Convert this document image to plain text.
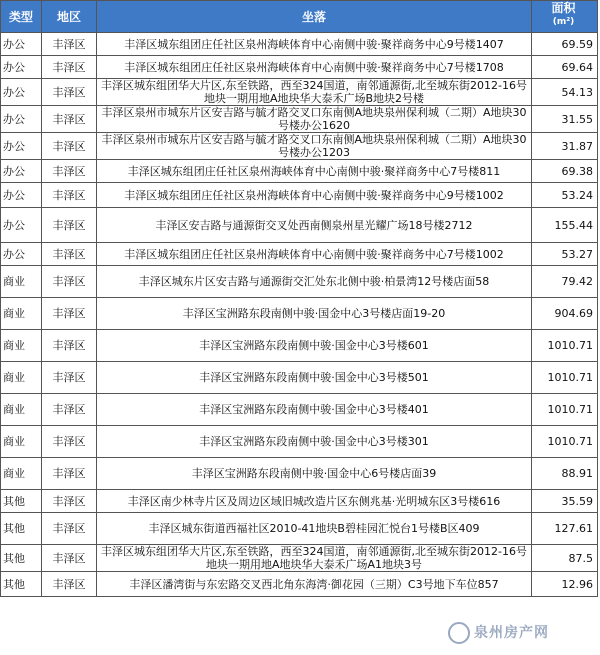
类型	地区	坐落	面积
$^{(m^2)}$
办公	丰泽区	丰泽区城东组团庄任社区泉州海峡体育中心南侧中骏·聚祥商务中心9号楼1407	69.59
办公	丰泽区	丰泽区城东组团庄任社区泉州海峡体育中心南侧中骏·聚祥商务中心7号楼1708	69.64
办公	丰泽区	丰泽区城东组团华大片区,东至铁路，西至324国道，南邻通源街,北至城东街2012-16号地块一期用地A地块华大泰禾广场B地块2号楼	54.13
办公	丰泽区	丰泽区泉州市城东片区安吉路与毓才路交叉口东南侧A地块泉州保利城（二期）A地块30号楼办公1620	31.55
办公	丰泽区	丰泽区泉州市城东片区安吉路与毓才路交叉口东南侧A地块泉州保利城（二期）A地块30号楼办公1203	31.87
办公	丰泽区	丰泽区城东组团庄任社区泉州海峡体育中心南侧中骏·聚祥商务中心7号楼811	69.38
办公	丰泽区	丰泽区城东组团庄任社区泉州海峡体育中心南侧中骏·聚祥商务中心9号楼1002	53.24
办公	丰泽区	丰泽区安吉路与通源街交叉处西南侧泉州星光耀广场18号楼2712	155.44
办公	丰泽区	丰泽区城东组团庄任社区泉州海峡体育中心南侧中骏·聚祥商务中心7号楼1002	53.27
商业	丰泽区	丰泽区城东片区安吉路与通源街交汇处东北侧中骏·柏景湾12号楼店面58	79.42
商业	丰泽区	丰泽区宝洲路东段南侧中骏·国金中心3号楼店面19-20	904.69
商业	丰泽区	丰泽区宝洲路东段南侧中骏·国金中心3号楼601	1010.71
商业	丰泽区	丰泽区宝洲路东段南侧中骏·国金中心3号楼501	1010.71
商业	丰泽区	丰泽区宝洲路东段南侧中骏·国金中心3号楼401	1010.71
商业	丰泽区	丰泽区宝洲路东段南侧中骏·国金中心3号楼301	1010.71
商业	丰泽区	丰泽区宝洲路东段南侧中骏·国金中心6号楼店面39	88.91
其他	丰泽区	丰泽区南少林寺片区及周边区域旧城改造片区东侧兆基·光明城东区3号楼616	35.59
其他	丰泽区	丰泽区城东街道西福社区2010-41地块B碧桂园汇悦台1号楼B区409	127.61
其他	丰泽区	丰泽区城东组团华大片区,东至铁路，西至324国道，南邻通源街,北至城东街2012-16号地块一期用地A地块华大泰禾广场A1地块3号	87.5
其他	丰泽区	丰泽区潘湾街与东宏路交叉西北角东海湾·御花园（三期）C3号地下车位857	12.96
泉州房产网
